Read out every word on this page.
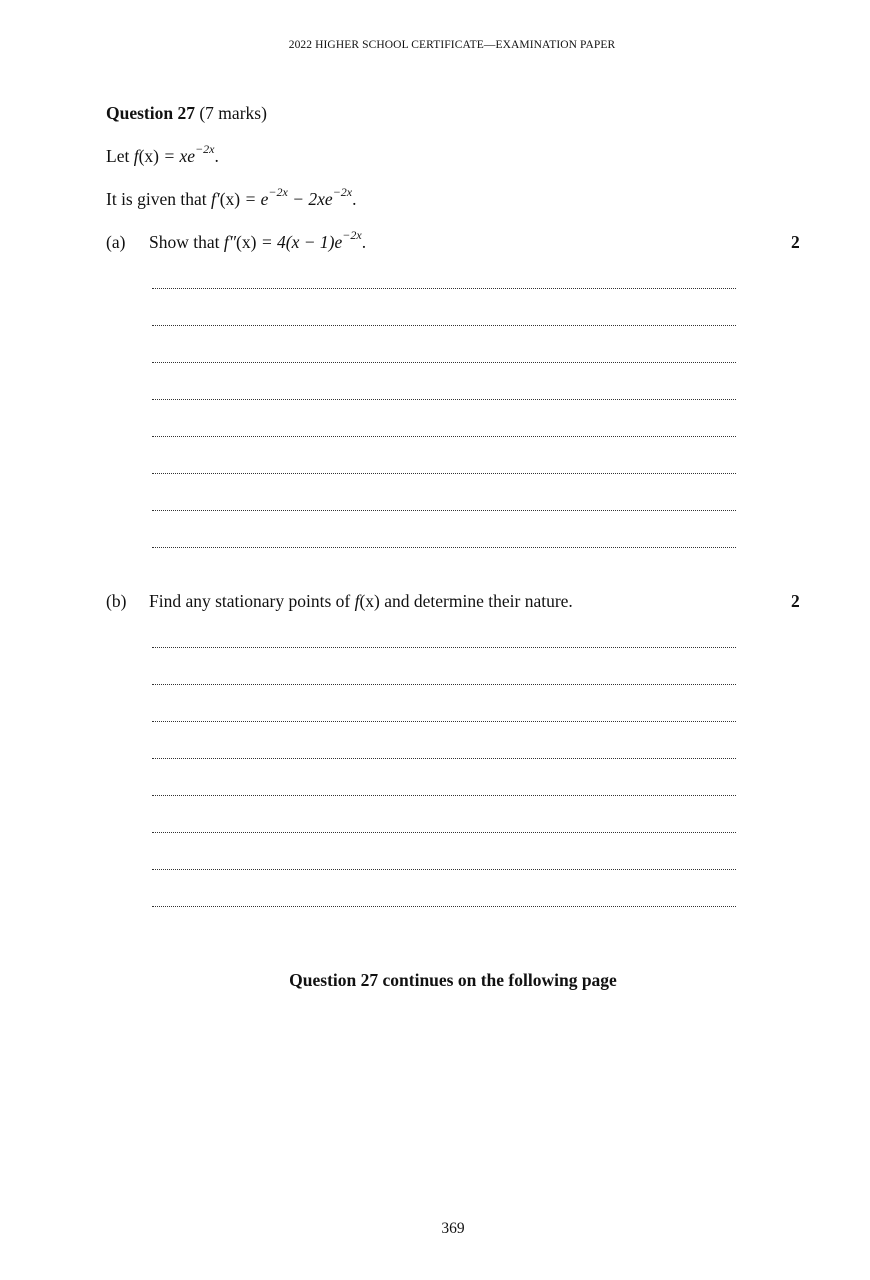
2022 HIGHER SCHOOL CERTIFICATE—EXAMINATION PAPER
Question 27 (7 marks)
Let $f(x) = xe^{-2x}$.
It is given that $f'(x) = e^{-2x} - 2xe^{-2x}$.
(a) Show that $f''(x) = 4(x - 1)e^{-2x}$.	2
(b) Find any stationary points of f(x) and determine their nature.	2
Question 27 continues on the following page
369
